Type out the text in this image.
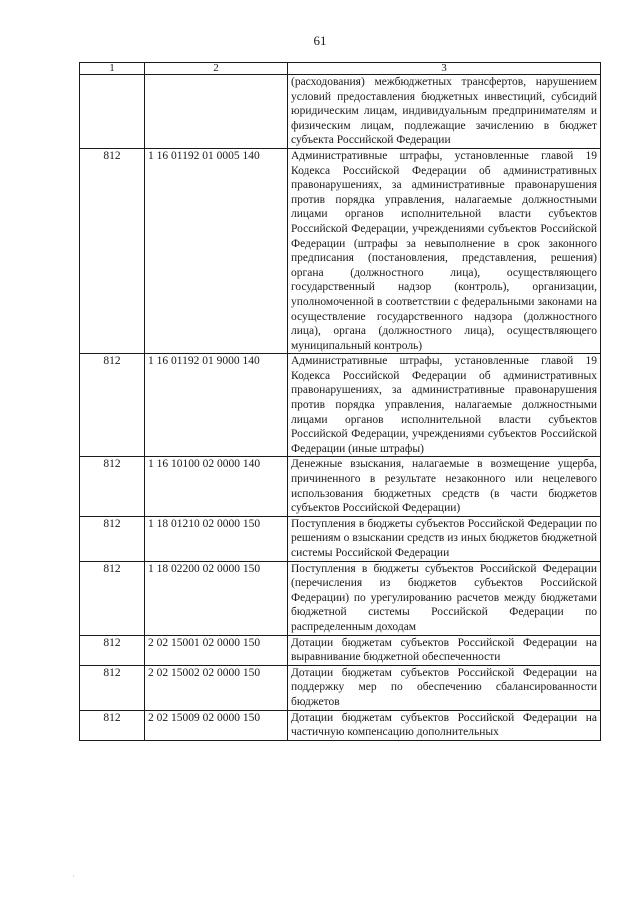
61
1	2	3
		(расходования) межбюджетных трансфертов, нарушением условий предоставления бюджетных инвестиций, субсидий юридическим лицам, индивидуальным предпринимателям и физическим лицам, подлежащие зачислению в бюджет субъекта Российской Федерации
812	1 16 01192 01 0005 140	Административные штрафы, установленные главой 19 Кодекса Российской Федерации об административных правонарушениях, за административные правонарушения против порядка управления, налагаемые должностными лицами органов исполнительной власти субъектов Российской Федерации, учреждениями субъектов Российской Федерации (штрафы за невыполнение в срок законного предписания (постановления, представления, решения) органа (должностного лица), осуществляющего государственный надзор (контроль), организации, уполномоченной в соответствии с федеральными законами на осуществление государственного надзора (должностного лица), органа (должностного лица), осуществляющего муниципальный контроль)
812	1 16 01192 01 9000 140	Административные штрафы, установленные главой 19 Кодекса Российской Федерации об административных правонарушениях, за административные правонарушения против порядка управления, налагаемые должностными лицами органов исполнительной власти субъектов Российской Федерации, учреждениями субъектов Российской Федерации (иные штрафы)
812	1 16 10100 02 0000 140	Денежные взыскания, налагаемые в возмещение ущерба, причиненного в результате незаконного или нецелевого использования бюджетных средств (в части бюджетов субъектов Российской Федерации)
812	1 18 01210 02 0000 150	Поступления в бюджеты субъектов Российской Федерации по решениям о взыскании средств из иных бюджетов бюджетной системы Российской Федерации
812	1 18 02200 02 0000 150	Поступления в бюджеты субъектов Российской Федерации (перечисления из бюджетов субъектов Российской Федерации) по урегулированию расчетов между бюджетами бюджетной системы Российской Федерации по распределенным доходам
812	2 02 15001 02 0000 150	Дотации бюджетам субъектов Российской Федерации на выравнивание бюджетной обеспеченности
812	2 02 15002 02 0000 150	Дотации бюджетам субъектов Российской Федерации на поддержку мер по обеспечению сбалансированности бюджетов
812	2 02 15009 02 0000 150	Дотации бюджетам субъектов Российской Федерации на частичную компенсацию дополнительных
ˌ
